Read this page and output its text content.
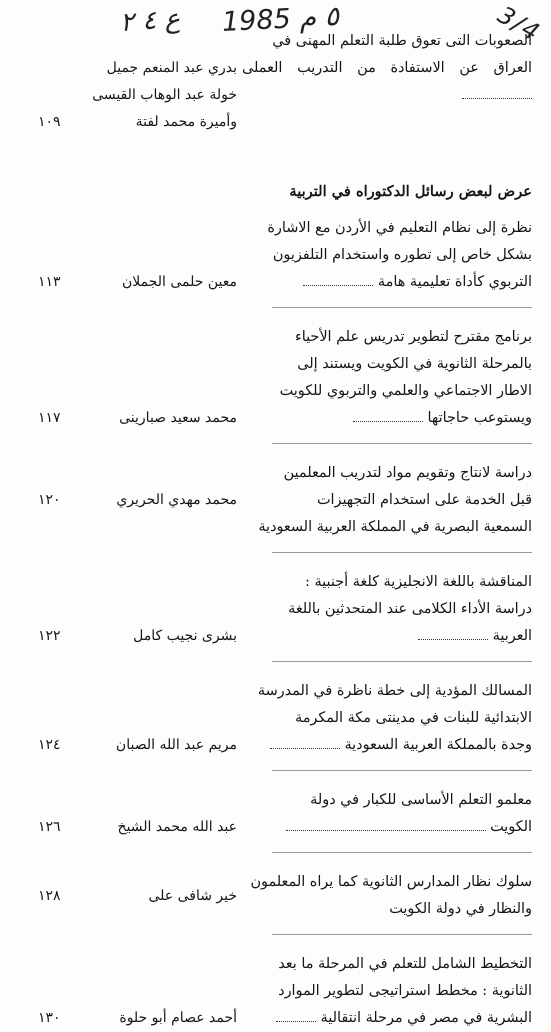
ع ٤ ٢ 1985 ٥ م	3/4
الصعوبات التى تعوق طلبة التعلم المهنى في
العراق عن الاستفادة من التدريب العملى
بدري عبد المنعم جميل
خولة عبد الوهاب القيسى
وأميرة محمد لفتة
١٠٩
عرض لبعض رسائل الدكتوراه في التربية
نظرة إلى نظام التعليم في الأردن مع الاشارة
بشكل خاص إلى تطوره واستخدام التلفزيون
التربوي كأداة تعليمية هامة
معين حلمى الجملان
١١٣
برنامج مقترح لتطوير تدريس علم الأحياء
بالمرحلة الثانوية في الكويت ويستند إلى
الاطار الاجتماعي والعلمي والتربوي للكويت
ويستوعب حاجاتها
محمد سعيد صبارينى
١١٧
دراسة لانتاج وتقويم مواد لتدريب المعلمين
قبل الخدمة على استخدام التجهيزات
السمعية البصرية في المملكة العربية السعودية
محمد مهدي الحريري
١٢٠
المناقشة باللغة الانجليزية كلغة أجنبية :
دراسة الأداء الكلامى عند المتحدثين باللغة
العربية
بشرى نجيب كامل
١٢٢
المسالك المؤدية إلى خطة ناظرة في المدرسة
الابتدائية للبنات في مدينتى مكة المكرمة
وجدة بالمملكة العربية السعودية
مريم عبد الله الصبان
١٢٤
معلمو التعلم الأساسى للكبار في دولة
الكويت
عبد الله محمد الشيخ
١٢٦
سلوك نظار المدارس الثانوية كما يراه المعلمون
والنظار في دولة الكويت
خير شافى على
١٢٨
التخطيط الشامل للتعلم في المرحلة ما بعد
الثانوية : مخطط استراتيجى لتطوير الموارد
البشرية في مصر في مرحلة انتقالية
أحمد عصام أبو حلوة
١٣٠
